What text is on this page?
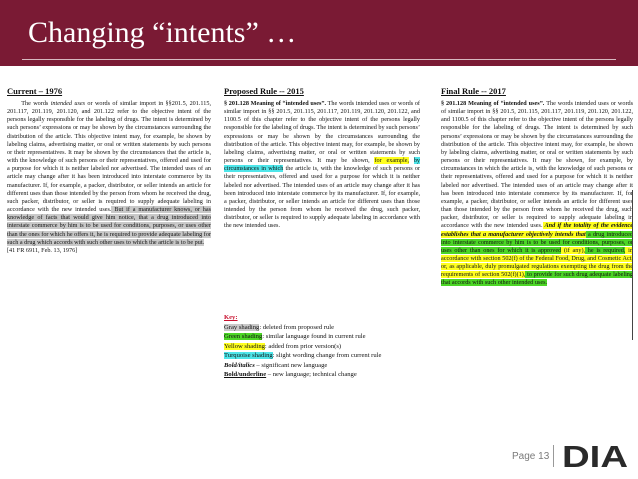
Changing “intents” …
Current – 1976
The words intended uses or words of similar import in §§201.5, 201.115, 201.117, 201.119, 201.120, and 201.122 refer to the objective intent of the persons legally responsible for the labeling of drugs. The intent is determined by such persons’ expressions or may be shown by the circumstances surrounding the distribution of the article. This objective intent may, for example, be shown by labeling claims, advertising matter, or oral or written statements by such persons or their representatives. It may be shown by the circumstances that the article is, with the knowledge of such persons or their representatives, offered and used for a purpose for which it is neither labeled nor advertised. The intended uses of an article may change after it has been introduced into interstate commerce by its manufacturer. If, for example, a packer, distributor, or seller intends an article for different uses than those intended by the person from whom he received the drug, such packer, distributor, or seller is required to supply adequate labeling in accordance with the new intended uses. But if a manufacturer knows, or has knowledge of facts that would give him notice, that a drug introduced into interstate commerce by him is to be used for conditions, purposes, or uses other than the ones for which he offers it, he is required to provide adequate labeling for such a drug which accords with such other uses to which the article is to be put.
[41 FR 6911, Feb. 13, 1976]
Proposed Rule -- 2015
§ 201.128 Meaning of “intended uses”. The words intended uses or words of similar import in §§ 201.5, 201.115, 201.117, 201.119, 201.120, 201.122, and 1100.5 of this chapter refer to the objective intent of the persons legally responsible for the labeling of drugs. The intent is determined by such persons’ expressions or may be shown by the circumstances surrounding the distribution of the article. This objective intent may, for example, be shown by labeling claims, advertising matter, or oral or written statements by such persons or their representatives. It may be shown, for example, by circumstances in which the article is, with the knowledge of such persons or their representatives, offered and used for a purpose for which it is neither labeled nor advertised. The intended uses of an article may change after it has been introduced into interstate commerce by its manufacturer. If, for example, a packer, distributor, or seller intends an article for different uses than those intended by the person from whom he received the drug, such packer, distributor, or seller is required to supply adequate labeling in accordance with the new intended uses.
Key:
Gray shading: deleted from proposed rule
Green shading: similar language found in current rule
Yellow shading: added from prior version(s)
Turquoise shading: slight wording change from current rule
Bold/italics – significant new language
Bold/underline – new language; technical change
Final Rule -- 2017
§ 201.128 Meaning of “intended uses”. The words intended uses or words of similar import in §§ 201.5, 201.115, 201.117, 201.119, 201.120, 201.122, and 1100.5 of this chapter refer to the objective intent of the persons legally responsible for the labeling of drugs. The intent is determined by such persons’ expressions or may be shown by the circumstances surrounding the distribution of the article. This objective intent may, for example, be shown by labeling claims, advertising matter, or oral or written statements by such persons or their representatives. It may be shown, for example, by circumstances in which the article is, with the knowledge of such persons or their representatives, offered and used for a purpose for which it is neither labeled nor advertised. The intended uses of an article may change after it has been introduced into interstate commerce by its manufacturer. If, for example, a packer, distributor, or seller intends an article for different uses than those intended by the person from whom he received the drug, such packer, distributor, or seller is required to supply adequate labeling in accordance with the new intended uses. And if the totality of the evidence establishes that a manufacturer objectively intends that a drug introduced into interstate commerce by him is to be used for conditions, purposes, or uses other than ones for which it is approved (if any), he is required, in accordance with section 502(f) of the Federal Food, Drug, and Cosmetic Act, or, as applicable, duly promulgated regulations exempting the drug from the requirements of section 502(f)(1), to provide for such drug adequate labeling that accords with such other intended uses.
Page 13 DIA
